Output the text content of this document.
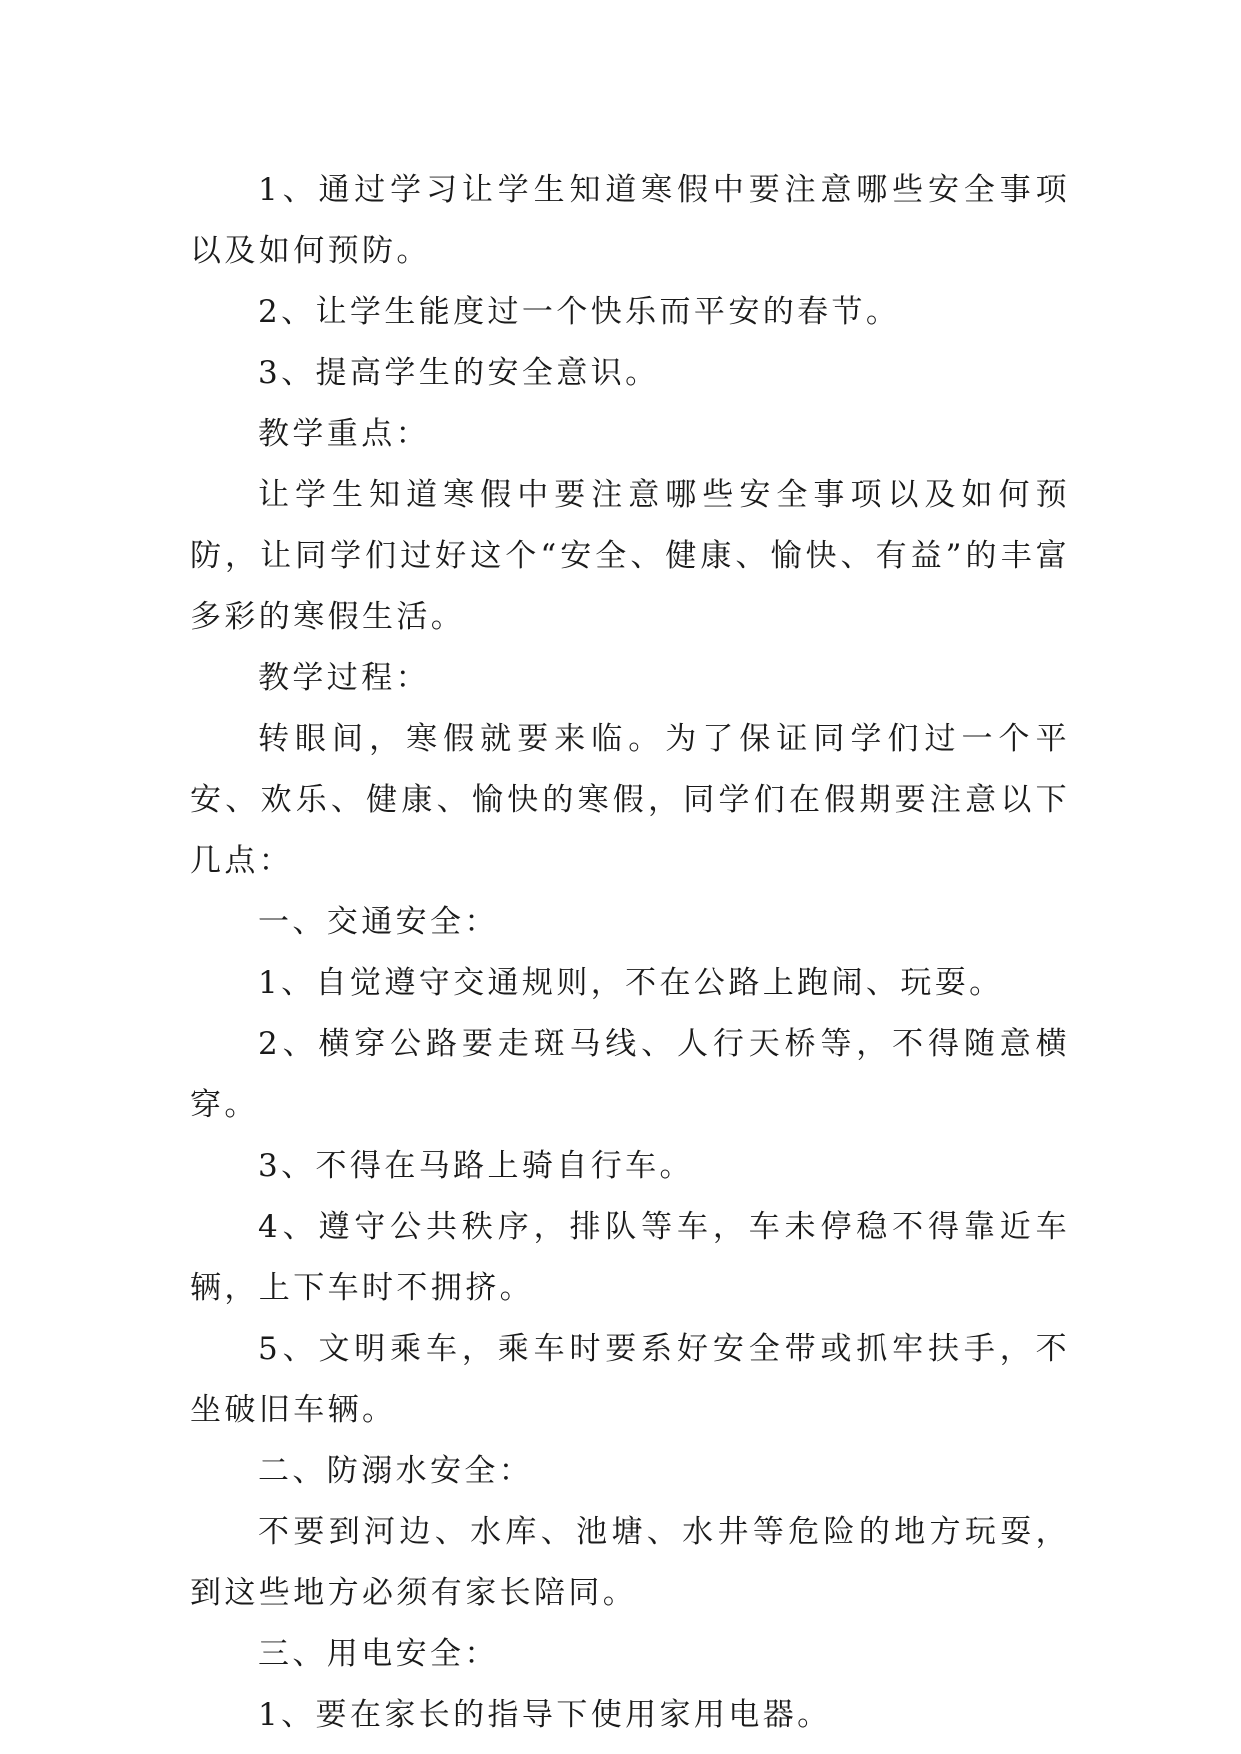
1、通过学习让学生知道寒假中要注意哪些安全事项以及如何预防。

2、让学生能度过一个快乐而平安的春节。

3、提高学生的安全意识。

教学重点：

让学生知道寒假中要注意哪些安全事项以及如何预防，让同学们过好这个“安全、健康、愉快、有益”的丰富多彩的寒假生活。

教学过程：

转眼间，寒假就要来临。为了保证同学们过一个平安、欢乐、健康、愉快的寒假，同学们在假期要注意以下几点：

一、交通安全：

1、自觉遵守交通规则，不在公路上跑闹、玩耍。

2、横穿公路要走斑马线、人行天桥等，不得随意横穿。

3、不得在马路上骑自行车。

4、遵守公共秩序，排队等车，车未停稳不得靠近车辆，上下车时不拥挤。

5、文明乘车，乘车时要系好安全带或抓牢扶手，不坐破旧车辆。

二、防溺水安全：

不要到河边、水库、池塘、水井等危险的地方玩耍，到这些地方必须有家长陪同。

三、用电安全：

1、要在家长的指导下使用家用电器。
